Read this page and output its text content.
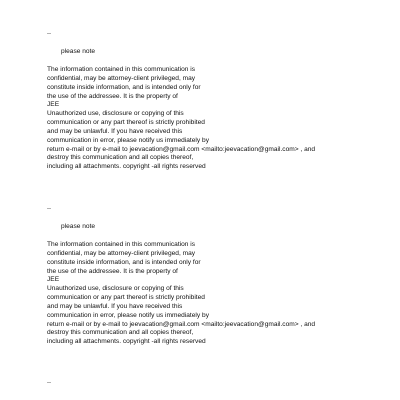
--
please note
The information contained in this communication is
confidential, may be attorney-client privileged, may
constitute inside information, and is intended only for
the use of the addressee. It is the property of
JEE
Unauthorized use, disclosure or copying of this
communication or any part thereof is strictly prohibited
and may be unlawful. If you have received this
communication in error, please notify us immediately by
return e-mail or by e-mail to jeevacation@gmail.com <mailto:jeevacation@gmail.com> , and
destroy this communication and all copies thereof,
including all attachments. copyright -all rights reserved
--
please note
The information contained in this communication is
confidential, may be attorney-client privileged, may
constitute inside information, and is intended only for
the use of the addressee. It is the property of
JEE
Unauthorized use, disclosure or copying of this
communication or any part thereof is strictly prohibited
and may be unlawful. If you have received this
communication in error, please notify us immediately by
return e-mail or by e-mail to jeevacation@gmail.com <mailto:jeevacation@gmail.com> , and
destroy this communication and all copies thereof,
including all attachments. copyright -all rights reserved
--
